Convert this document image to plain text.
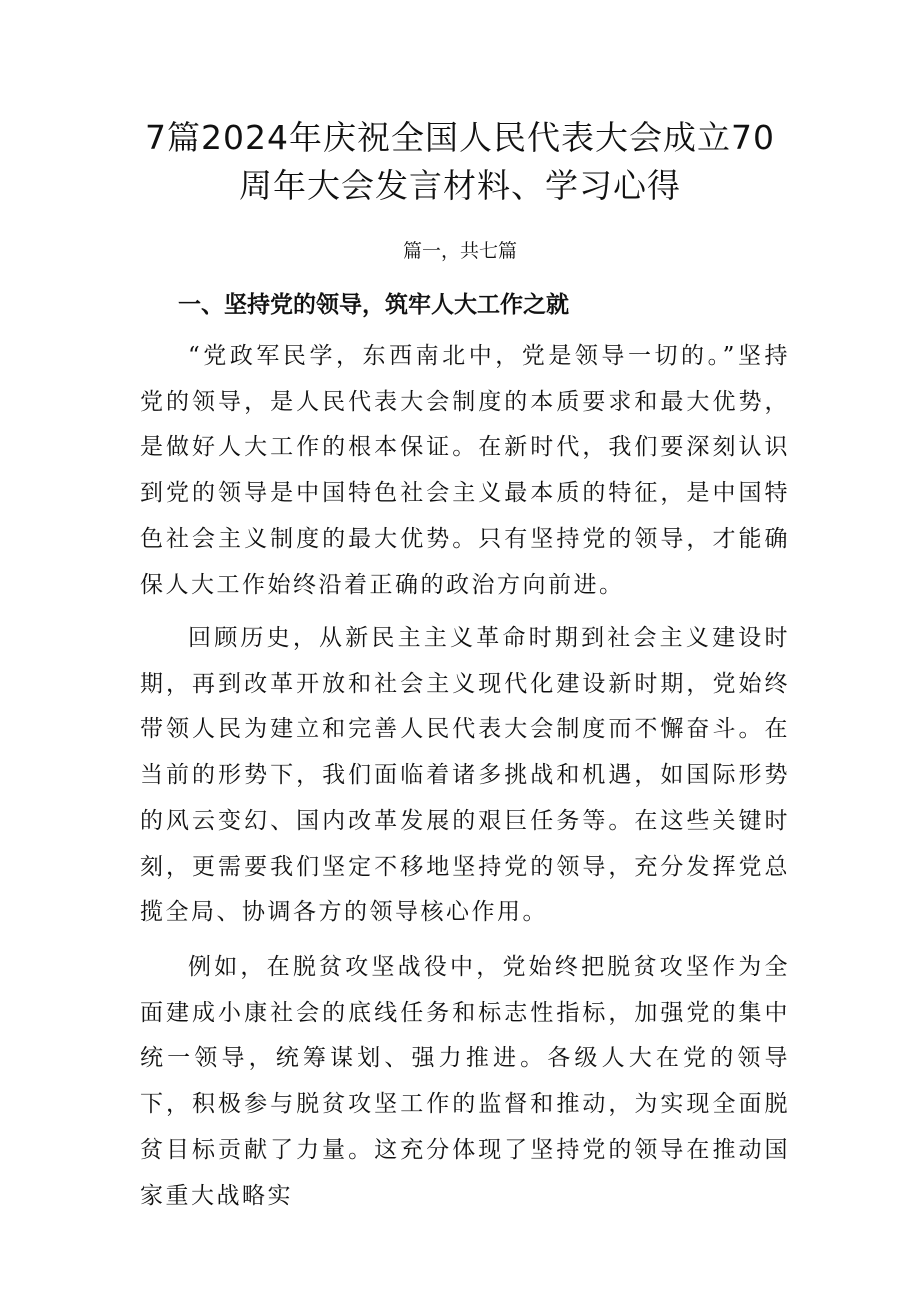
7篇2024年庆祝全国人民代表大会成立70
周年大会发言材料、学习心得
篇一，共七篇
一、坚持党的领导，筑牢人大工作之就

“党政军民学，东西南北中，党是领导一切的。”坚持党的领导，是人民代表大会制度的本质要求和最大优势，是做好人大工作的根本保证。在新时代，我们要深刻认识到党的领导是中国特色社会主义最本质的特征，是中国特色社会主义制度的最大优势。只有坚持党的领导，才能确保人大工作始终沿着正确的政治方向前进。

回顾历史，从新民主主义革命时期到社会主义建设时期，再到改革开放和社会主义现代化建设新时期，党始终带领人民为建立和完善人民代表大会制度而不懈奋斗。在当前的形势下，我们面临着诸多挑战和机遇，如国际形势的风云变幻、国内改革发展的艰巨任务等。在这些关键时刻，更需要我们坚定不移地坚持党的领导，充分发挥党总揽全局、协调各方的领导核心作用。

例如，在脱贫攻坚战役中，党始终把脱贫攻坚作为全面建成小康社会的底线任务和标志性指标，加强党的集中统一领导，统筹谋划、强力推进。各级人大在党的领导下，积极参与脱贫攻坚工作的监督和推动，为实现全面脱贫目标贡献了力量。这充分体现了坚持党的领导在推动国家重大战略实
